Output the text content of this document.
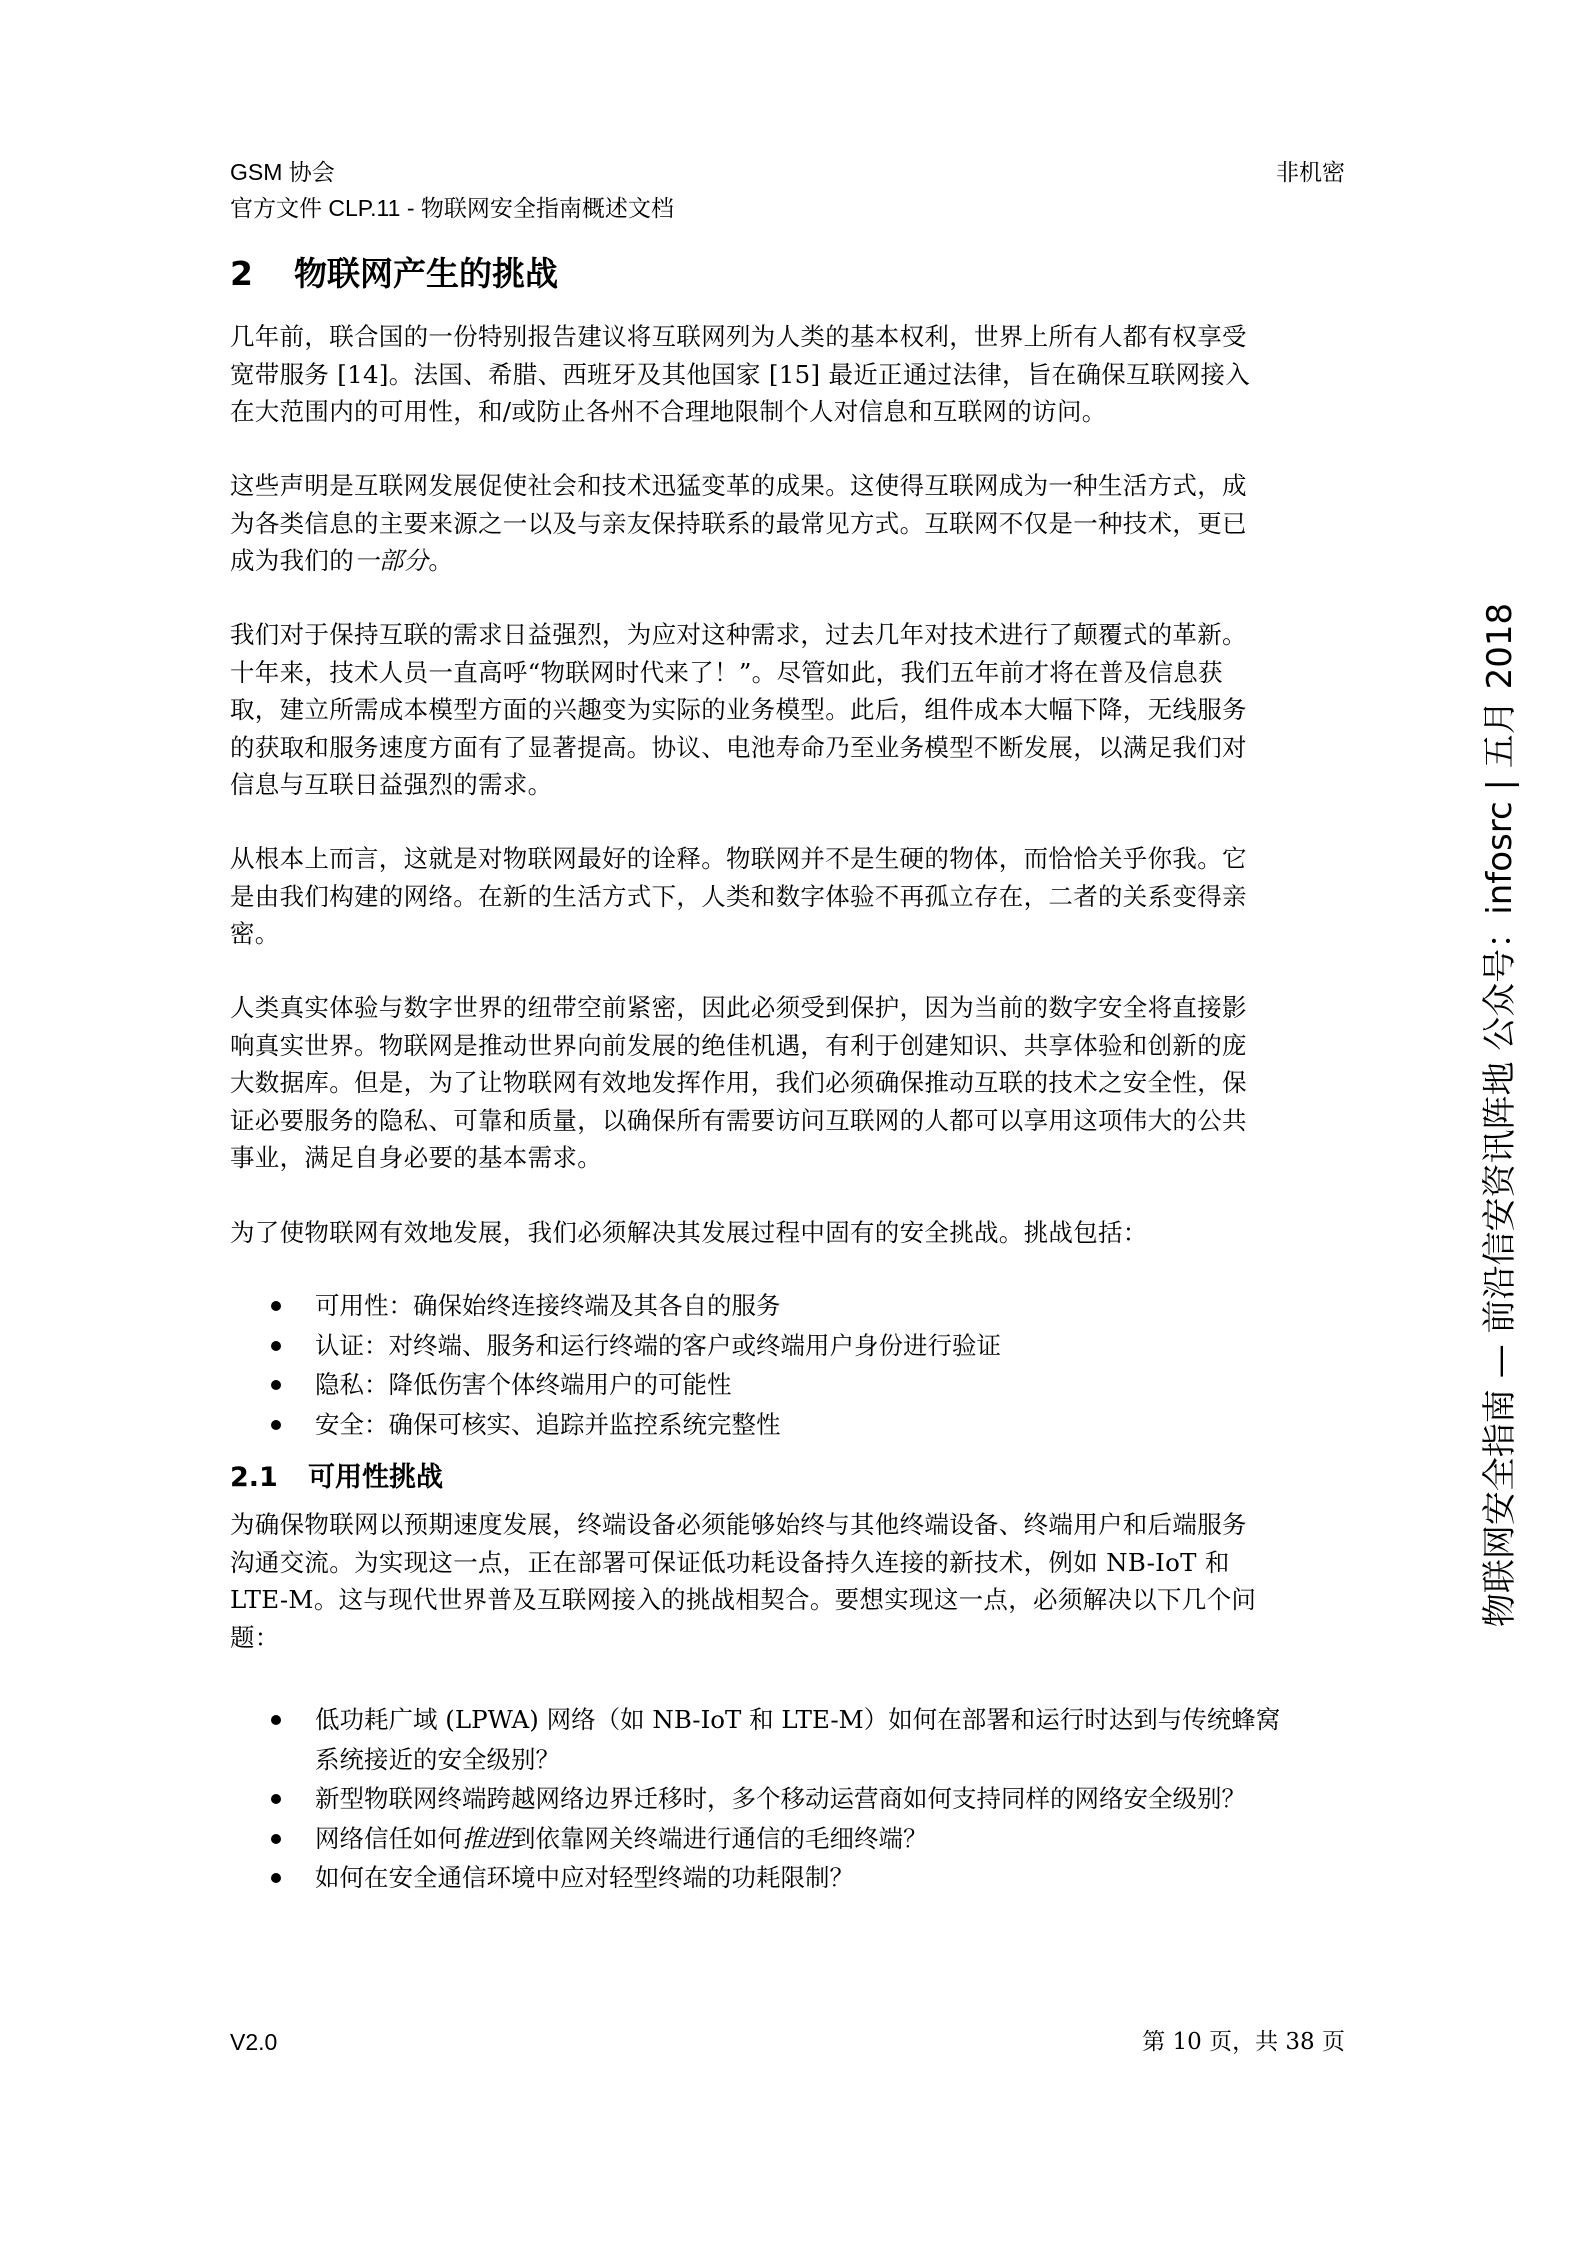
GSM 协会
官方文件 CLP.11 - 物联网安全指南概述文档
非机密
2 物联网产生的挑战
几年前，联合国的一份特别报告建议将互联网列为人类的基本权利，世界上所有人都有权享受
宽带服务 [14]。法国、希腊、西班牙及其他国家 [15] 最近正通过法律，旨在确保互联网接入
在大范围内的可用性，和/或防止各州不合理地限制个人对信息和互联网的访问。
这些声明是互联网发展促使社会和技术迅猛变革的成果。这使得互联网成为一种生活方式，成
为各类信息的主要来源之一以及与亲友保持联系的最常见方式。互联网不仅是一种技术，更已
成为我们的一部分。
我们对于保持互联的需求日益强烈，为应对这种需求，过去几年对技术进行了颠覆式的革新。
十年来，技术人员一直高呼“物联网时代来了！”。尽管如此，我们五年前才将在普及信息获
取，建立所需成本模型方面的兴趣变为实际的业务模型。此后，组件成本大幅下降，无线服务
的获取和服务速度方面有了显著提高。协议、电池寿命乃至业务模型不断发展，以满足我们对
信息与互联日益强烈的需求。
从根本上而言，这就是对物联网最好的诠释。物联网并不是生硬的物体，而恰恰关乎你我。它
是由我们构建的网络。在新的生活方式下，人类和数字体验不再孤立存在，二者的关系变得亲
密。
人类真实体验与数字世界的纽带空前紧密，因此必须受到保护，因为当前的数字安全将直接影
响真实世界。物联网是推动世界向前发展的绝佳机遇，有利于创建知识、共享体验和创新的庞
大数据库。但是，为了让物联网有效地发挥作用，我们必须确保推动互联的技术之安全性，保
证必要服务的隐私、可靠和质量，以确保所有需要访问互联网的人都可以享用这项伟大的公共
事业，满足自身必要的基本需求。
为了使物联网有效地发展，我们必须解决其发展过程中固有的安全挑战。挑战包括：
可用性：确保始终连接终端及其各自的服务
认证：对终端、服务和运行终端的客户或终端用户身份进行验证
隐私：降低伤害个体终端用户的可能性
安全：确保可核实、追踪并监控系统完整性
2.1 可用性挑战
为确保物联网以预期速度发展，终端设备必须能够始终与其他终端设备、终端用户和后端服务
沟通交流。为实现这一点，正在部署可保证低功耗设备持久连接的新技术，例如 NB-IoT 和
LTE-M。这与现代世界普及互联网接入的挑战相契合。要想实现这一点，必须解决以下几个问
题：
低功耗广域 (LPWA) 网络（如 NB-IoT 和 LTE-M）如何在部署和运行时达到与传统蜂窝
系统接近的安全级别？
新型物联网终端跨越网络边界迁移时，多个移动运营商如何支持同样的网络安全级别？
网络信任如何推进到依靠网关终端进行通信的毛细终端？
如何在安全通信环境中应对轻型终端的功耗限制？
V2.0	第 10 页，共 38 页
物联网安全指南 — 前沿信安资讯阵地 公众号：infosrc | 五月 2018
